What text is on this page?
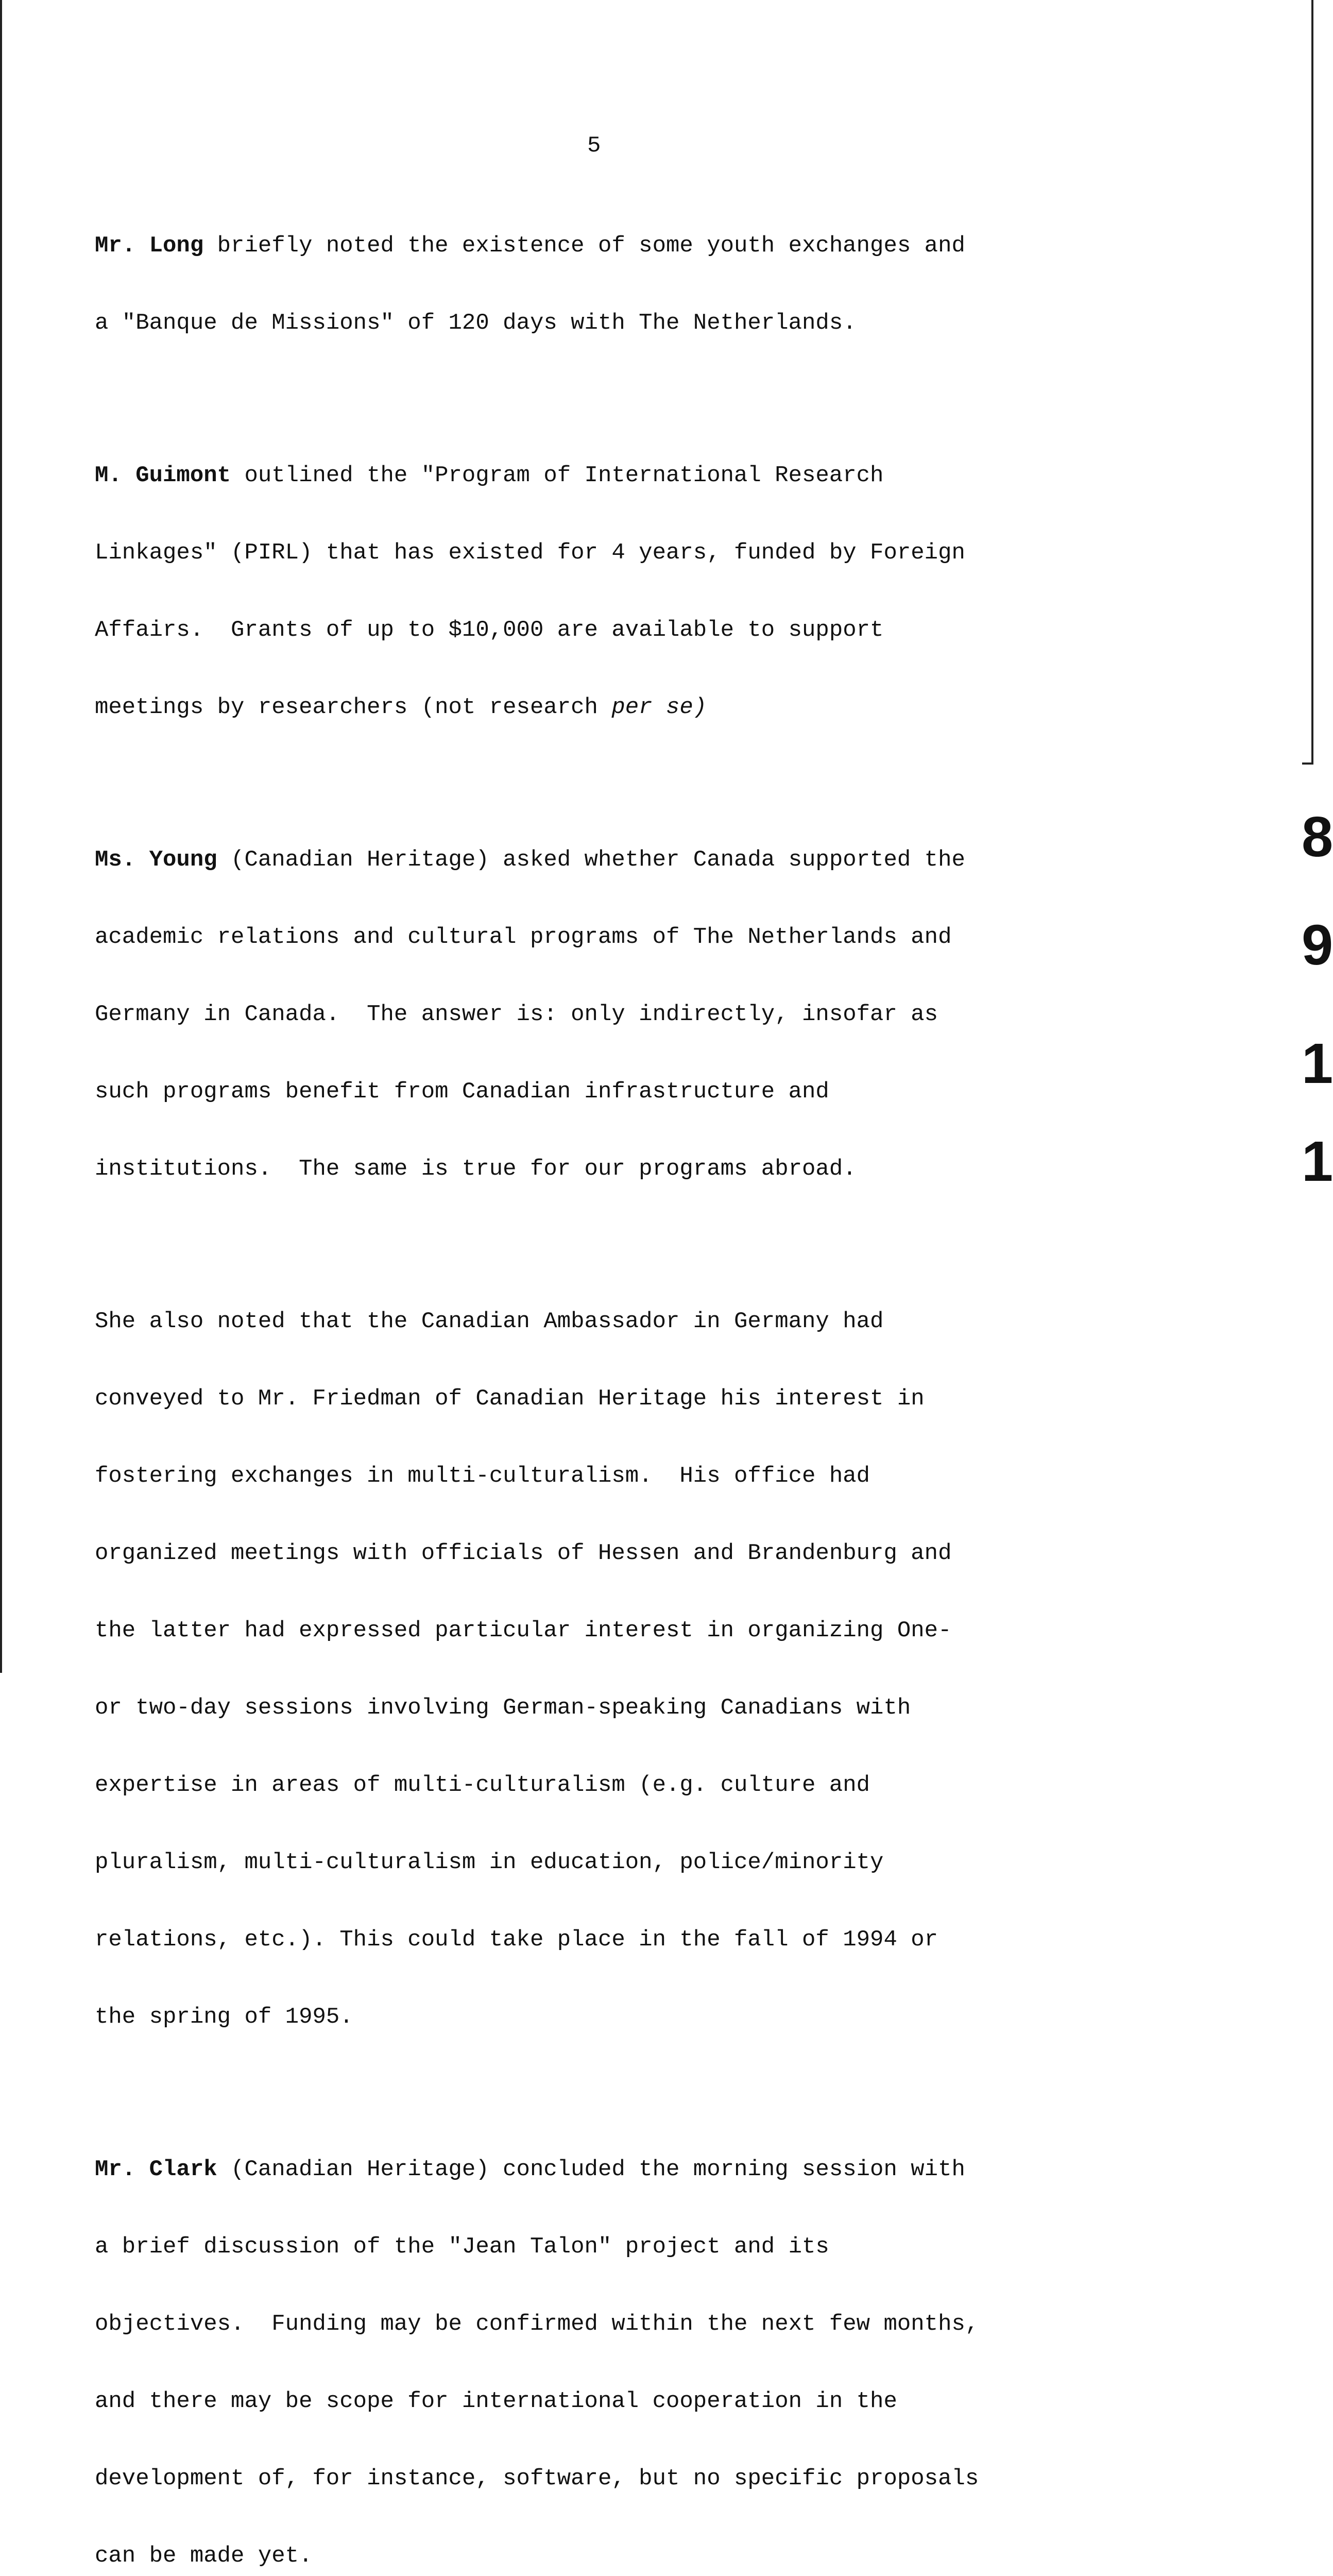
5

Mr. Long briefly noted the existence of some youth exchanges and

a "Banque de Missions" of 120 days with The Netherlands.

M. Guimont outlined the "Program of International Research

Linkages" (PIRL) that has existed for 4 years, funded by Foreign

Affairs.  Grants of up to $10,000 are available to support

meetings by researchers (not research per se)

Ms. Young (Canadian Heritage) asked whether Canada supported the

academic relations and cultural programs of The Netherlands and

Germany in Canada.  The answer is: only indirectly, insofar as

such programs benefit from Canadian infrastructure and

institutions.  The same is true for our programs abroad.

She also noted that the Canadian Ambassador in Germany had

conveyed to Mr. Friedman of Canadian Heritage his interest in

fostering exchanges in multi-culturalism.  His office had

organized meetings with officials of Hessen and Brandenburg and

the latter had expressed particular interest in organizing One-

or two-day sessions involving German-speaking Canadians with

expertise in areas of multi-culturalism (e.g. culture and

pluralism, multi-culturalism in education, police/minority

relations, etc.). This could take place in the fall of 1994 or

the spring of 1995.

Mr. Clark (Canadian Heritage) concluded the morning session with

a brief discussion of the "Jean Talon" project and its

objectives.  Funding may be confirmed within the next few months,

and there may be scope for international cooperation in the

development of, for instance, software, but no specific proposals

can be made yet.

8
9
1
1
